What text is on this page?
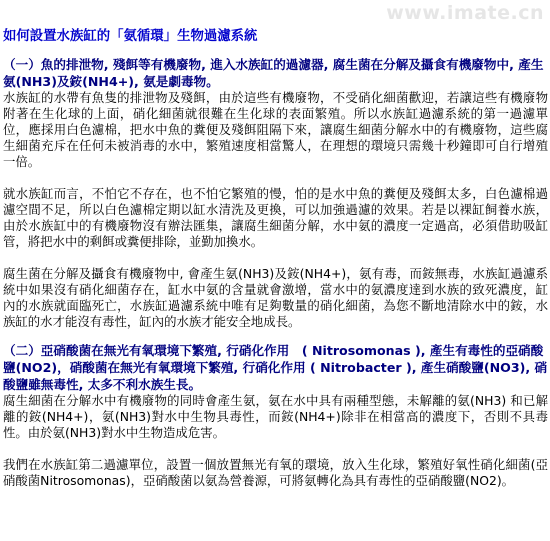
www.imate.cn
如何設置水族缸的「氨循環」生物過濾系統
（一）魚的排泄物, 殘餌等有機廢物, 進入水族缸的過濾器, 腐生菌在分解及攝食有機廢物中, 產生氨(NH3)及銨(NH4+), 氨是劇毒物。
水族缸的水帶有魚隻的排泄物及殘餌，由於這些有機廢物，不受硝化細菌歡迎，若讓這些有機廢物附著在生化球的上面，硝化細菌就很難在生化球的表面繁殖。所以水族缸過濾系統的第一過濾單位，應採用白色濾棉，把水中魚的糞便及殘餌阻隔下來，讓腐生細菌分解水中的有機廢物，這些腐生細菌充斥在任何未被消毒的水中，繁殖速度相當驚人，在理想的環境只需幾十秒鐘即可自行增殖一倍。
就水族缸而言，不怕它不存在，也不怕它繁殖的慢，怕的是水中魚的糞便及殘餌太多，白色濾棉過濾空間不足，所以白色濾棉定期以缸水清洗及更換，可以加強過濾的效果。若是以裸缸飼養水族，由於水族缸中的有機廢物沒有辦法匯集，讓腐生細菌分解，水中氨的濃度一定過高，必須借助吸缸管，將把水中的剩餌或糞便排除，並勤加換水。
腐生菌在分解及攝食有機廢物中, 會產生氨(NH3)及銨(NH4+)，氨有毒，而銨無毒，水族缸過濾系統中如果沒有硝化細菌存在，缸水中氨的含量就會激增，當水中的氨濃度達到水族的致死濃度，缸內的水族就面臨死亡，水族缸過濾系統中唯有足夠數量的硝化細菌，為您不斷地清除水中的銨，水族缸的水才能沒有毒性，缸內的水族才能安全地成長。
（二）亞硝酸菌在無光有氧環境下繁殖, 行硝化作用　( Nitrosomonas ), 產生有毒性的亞硝酸鹽(NO2)，硝酸菌在無光有氧環境下繁殖, 行硝化作用 ( Nitrobacter ), 產生硝酸鹽(NO3), 硝酸鹽雖無毒性, 太多不利水族生長。
腐生細菌在分解水中有機廢物的同時會產生氨，氨在水中具有兩種型態，未解離的氨(NH3) 和已解離的銨(NH4+)，氨(NH3)對水中生物具毒性，而銨(NH4+)除非在相當高的濃度下，否則不具毒性。由於氨(NH3)對水中生物造成危害。
我們在水族缸第二過濾單位，設置一個放置無光有氧的環境，放入生化球，繁殖好氧性硝化細菌(亞硝酸菌Nitrosomonas)，亞硝酸菌以氨為營養源，可將氨轉化為具有毒性的亞硝酸鹽(NO2)。
